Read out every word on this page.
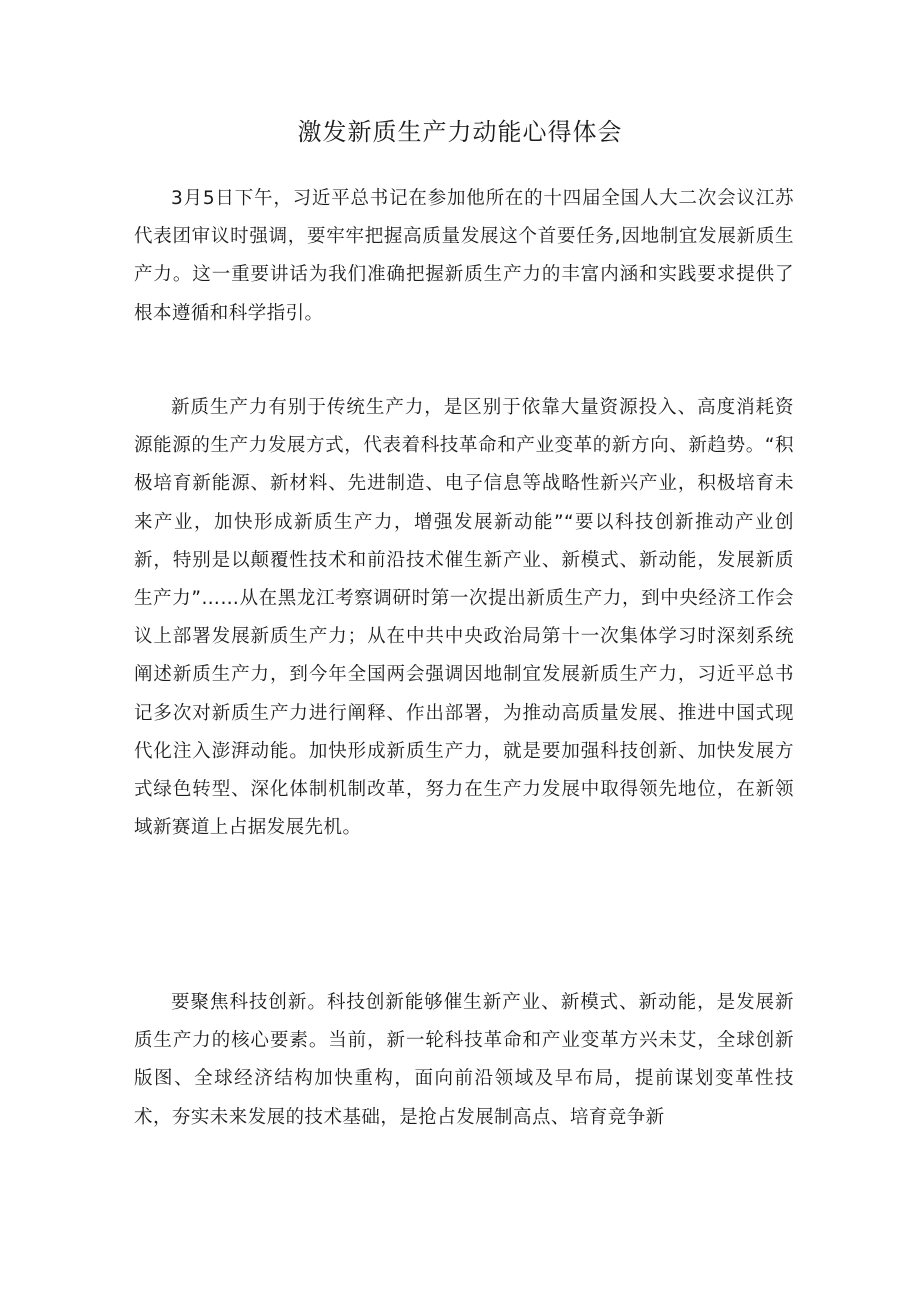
激发新质生产力动能心得体会

3月5日下午，习近平总书记在参加他所在的十四届全国人大二次会议江苏代表团审议时强调，要牢牢把握高质量发展这个首要任务,因地制宜发展新质生产力。这一重要讲话为我们准确把握新质生产力的丰富内涵和实践要求提供了根本遵循和科学指引。

新质生产力有别于传统生产力，是区别于依靠大量资源投入、高度消耗资源能源的生产力发展方式，代表着科技革命和产业变革的新方向、新趋势。“积极培育新能源、新材料、先进制造、电子信息等战略性新兴产业，积极培育未来产业，加快形成新质生产力，增强发展新动能”“要以科技创新推动产业创新，特别是以颠覆性技术和前沿技术催生新产业、新模式、新动能，发展新质生产力”……从在黑龙江考察调研时第一次提出新质生产力，到中央经济工作会议上部署发展新质生产力；从在中共中央政治局第十一次集体学习时深刻系统阐述新质生产力，到今年全国两会强调因地制宜发展新质生产力，习近平总书记多次对新质生产力进行阐释、作出部署，为推动高质量发展、推进中国式现代化注入澎湃动能。加快形成新质生产力，就是要加强科技创新、加快发展方式绿色转型、深化体制机制改革，努力在生产力发展中取得领先地位，在新领域新赛道上占据发展先机。

要聚焦科技创新。科技创新能够催生新产业、新模式、新动能，是发展新质生产力的核心要素。当前，新一轮科技革命和产业变革方兴未艾，全球创新版图、全球经济结构加快重构，面向前沿领域及早布局，提前谋划变革性技术，夯实未来发展的技术基础，是抢占发展制高点、培育竞争新
